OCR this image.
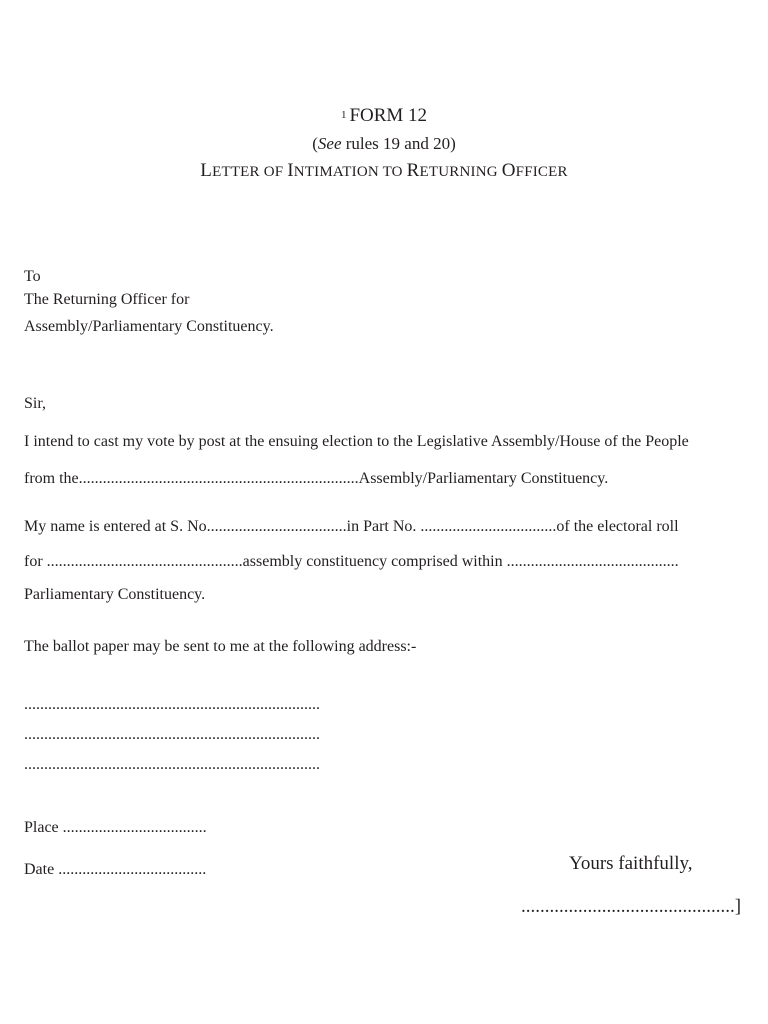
$^1$ FORM 12
(See rules 19 and 20)
LETTER OF INTIMATION TO RETURNING OFFICER
To
The Returning Officer for
Assembly/Parliamentary Constituency.
Sir,
I intend to cast my vote by post at the ensuing election to the Legislative Assembly/House of the People
from the......................................................................Assembly/Parliamentary Constituency.
My name is entered at S. No...................................in Part No. ..................................of the electoral roll
for .................................................assembly constituency comprised within ...........................................
Parliamentary Constituency.
The ballot paper may be sent to me at the following address:-
..........................................................................
..........................................................................
..........................................................................
Place ....................................
Date .....................................	Yours faithfully,
.............................................]
